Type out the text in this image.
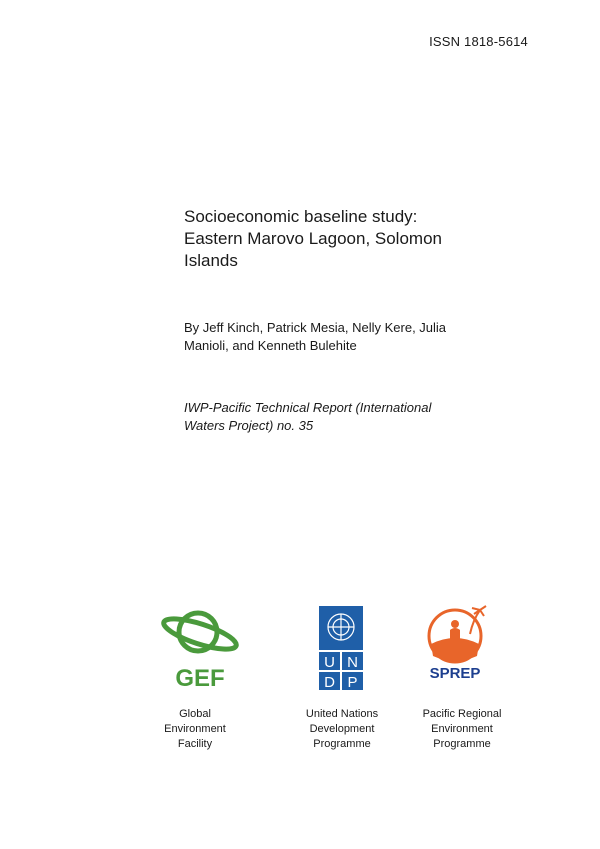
ISSN 1818-5614
Socioeconomic baseline study:
Eastern Marovo Lagoon, Solomon
Islands
By Jeff Kinch, Patrick Mesia, Nelly Kere, Julia
Manioli, and Kenneth Bulehite
IWP-Pacific Technical Report (International
Waters Project) no. 35
GEF
U N
D P
SPREP
Global
Environment
Facility
United Nations
Development
Programme
Pacific Regional
Environment
Programme
